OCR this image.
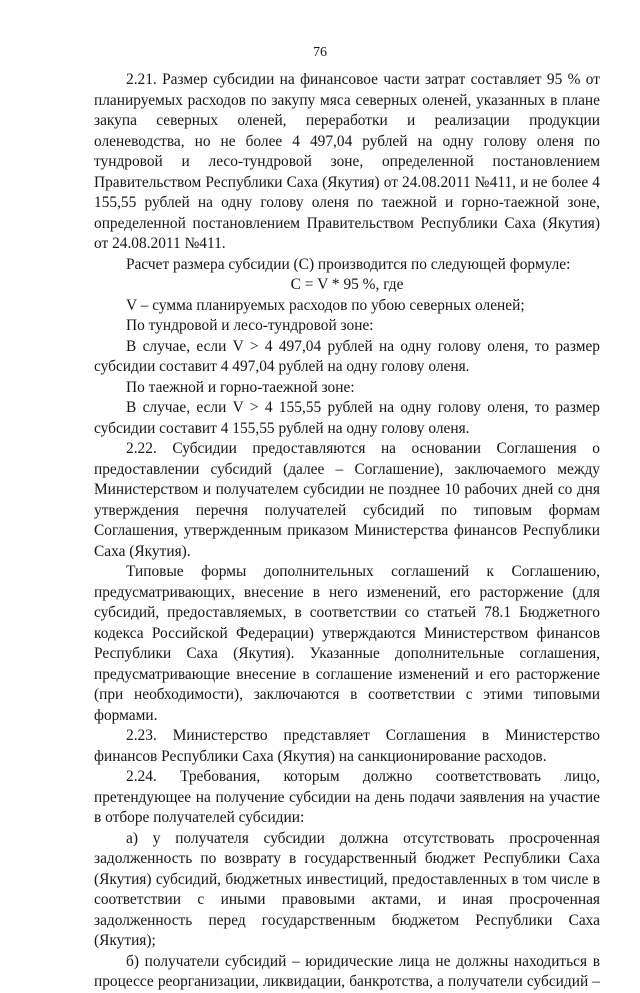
76

2.21. Размер субсидии на финансовое части затрат составляет 95 % от планируемых расходов по закупу мяса северных оленей, указанных в плане закупа северных оленей, переработки и реализации продукции оленеводства, но не более 4 497,04 рублей на одну голову оленя по тундровой и лесо-тундровой зоне, определенной постановлением Правительством Республики Саха (Якутия) от 24.08.2011 №411, и не более 4 155,55 рублей на одну голову оленя по таежной и горно-таежной зоне, определенной постановлением Правительством Республики Саха (Якутия) от 24.08.2011 №411.

Расчет размера субсидии (С) производится по следующей формуле:

С = V * 95 %, где

V – сумма планируемых расходов по убою северных оленей;

По тундровой и лесо-тундровой зоне:

В случае, если V > 4 497,04 рублей на одну голову оленя, то размер субсидии составит 4 497,04 рублей на одну голову оленя.

По таежной и горно-таежной зоне:

В случае, если V > 4 155,55 рублей на одну голову оленя, то размер субсидии составит 4 155,55 рублей на одну голову оленя.

2.22. Субсидии предоставляются на основании Соглашения о предоставлении субсидий (далее – Соглашение), заключаемого между Министерством и получателем субсидии не позднее 10 рабочих дней со дня утверждения перечня получателей субсидий по типовым формам Соглашения, утвержденным приказом Министерства финансов Республики Саха (Якутия).

Типовые формы дополнительных соглашений к Соглашению, предусматривающих, внесение в него изменений, его расторжение (для субсидий, предоставляемых, в соответствии со статьей 78.1 Бюджетного кодекса Российской Федерации) утверждаются Министерством финансов Республики Саха (Якутия). Указанные дополнительные соглашения, предусматривающие внесение в соглашение изменений и его расторжение (при необходимости), заключаются в соответствии с этими типовыми формами.

2.23. Министерство представляет Соглашения в Министерство финансов Республики Саха (Якутия) на санкционирование расходов.

2.24. Требования, которым должно соответствовать лицо, претендующее на получение субсидии на день подачи заявления на участие в отборе получателей субсидии:

а) у получателя субсидии должна отсутствовать просроченная задолженность по возврату в государственный бюджет Республики Саха (Якутия) субсидий, бюджетных инвестиций, предоставленных в том числе в соответствии с иными правовыми актами, и иная просроченная задолженность перед государственным бюджетом Республики Саха (Якутия);

б) получатели субсидий – юридические лица не должны находиться в процессе реорганизации, ликвидации, банкротства, а получатели субсидий –
